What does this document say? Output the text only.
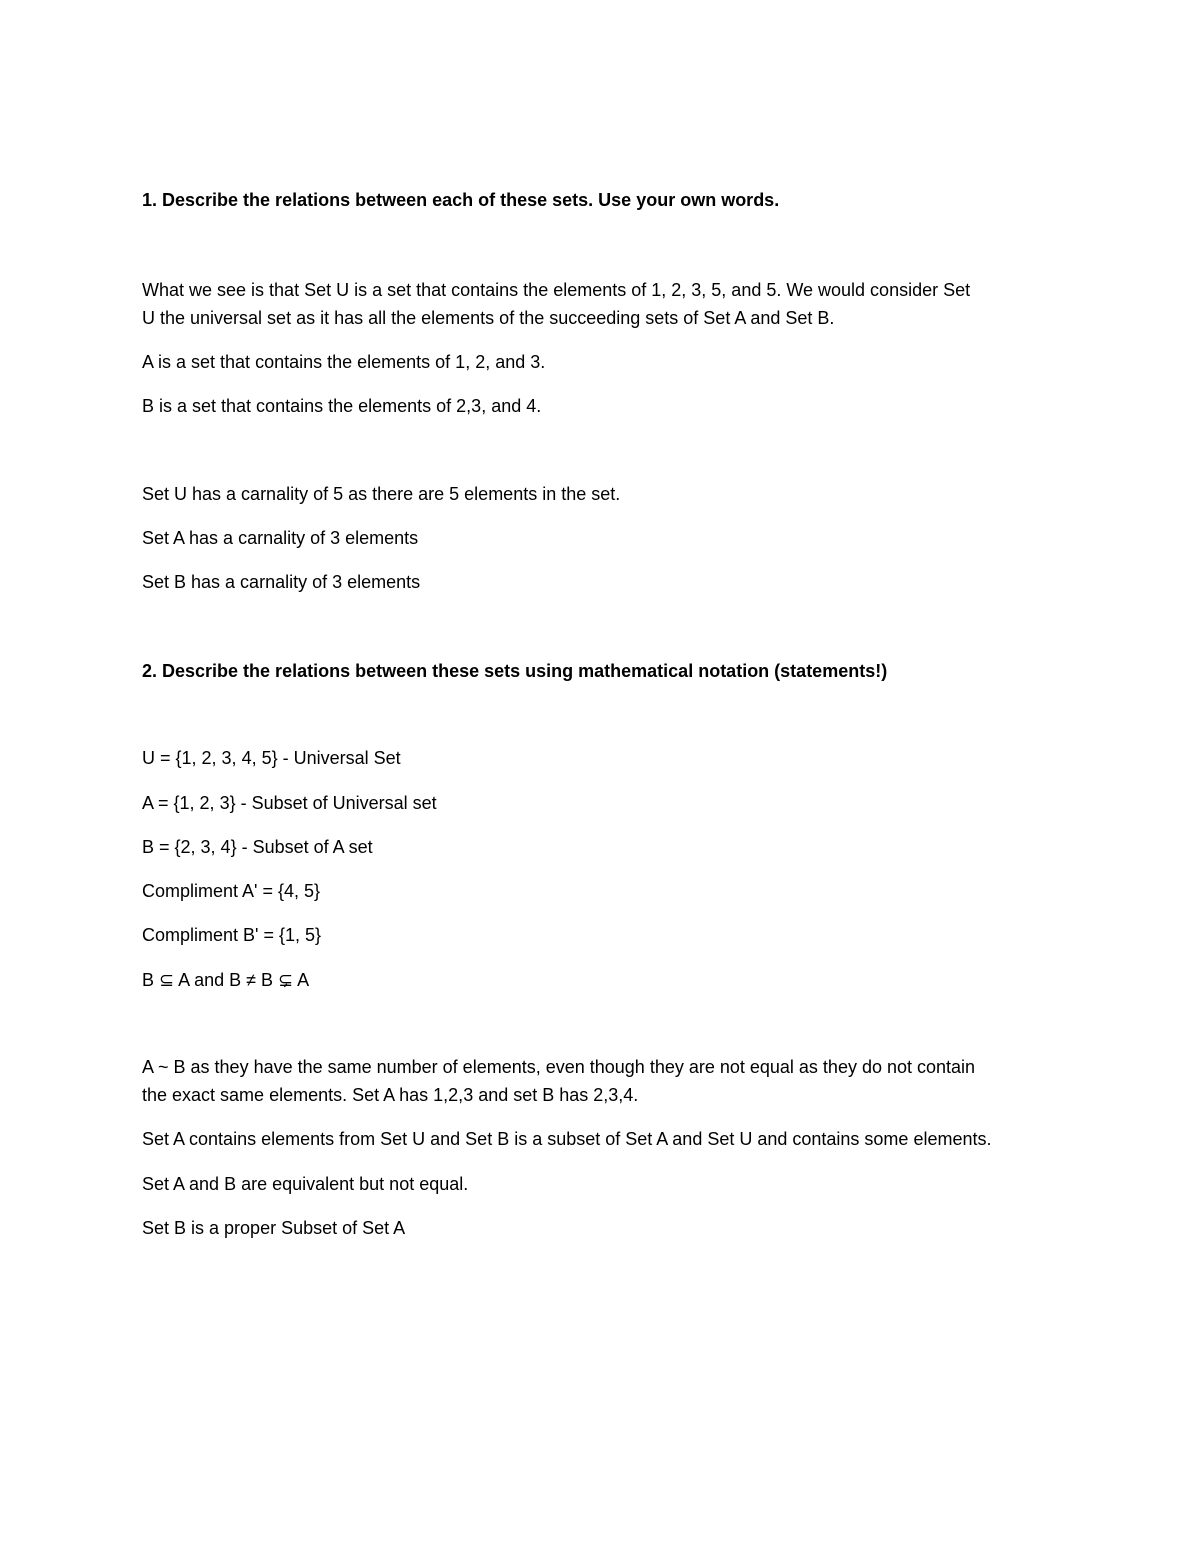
1. Describe the relations between each of these sets. Use your own words.
What we see is that Set U is a set that contains the elements of 1, 2, 3, 5, and 5. We would consider Set
U the universal set as it has all the elements of the succeeding sets of Set A and Set B.
A is a set that contains the elements of 1, 2, and 3.
B is a set that contains the elements of 2,3, and 4.
Set U has a carnality of 5 as there are 5 elements in the set.
Set A has a carnality of 3 elements
Set B has a carnality of 3 elements
2. Describe the relations between these sets using mathematical notation (statements!)
U = {1, 2, 3, 4, 5} - Universal Set
A = {1, 2, 3} - Subset of Universal set
B = {2, 3, 4} - Subset of A set
Compliment A' = {4, 5}
Compliment B' = {1, 5}
B ⊆ A and B ≠ B ⊊ A
A ~ B as they have the same number of elements, even though they are not equal as they do not contain
the exact same elements. Set A has 1,2,3 and set B has 2,3,4.
Set A contains elements from Set U and Set B is a subset of Set A and Set U and contains some elements.
Set A and B are equivalent but not equal.
Set B is a proper Subset of Set A
